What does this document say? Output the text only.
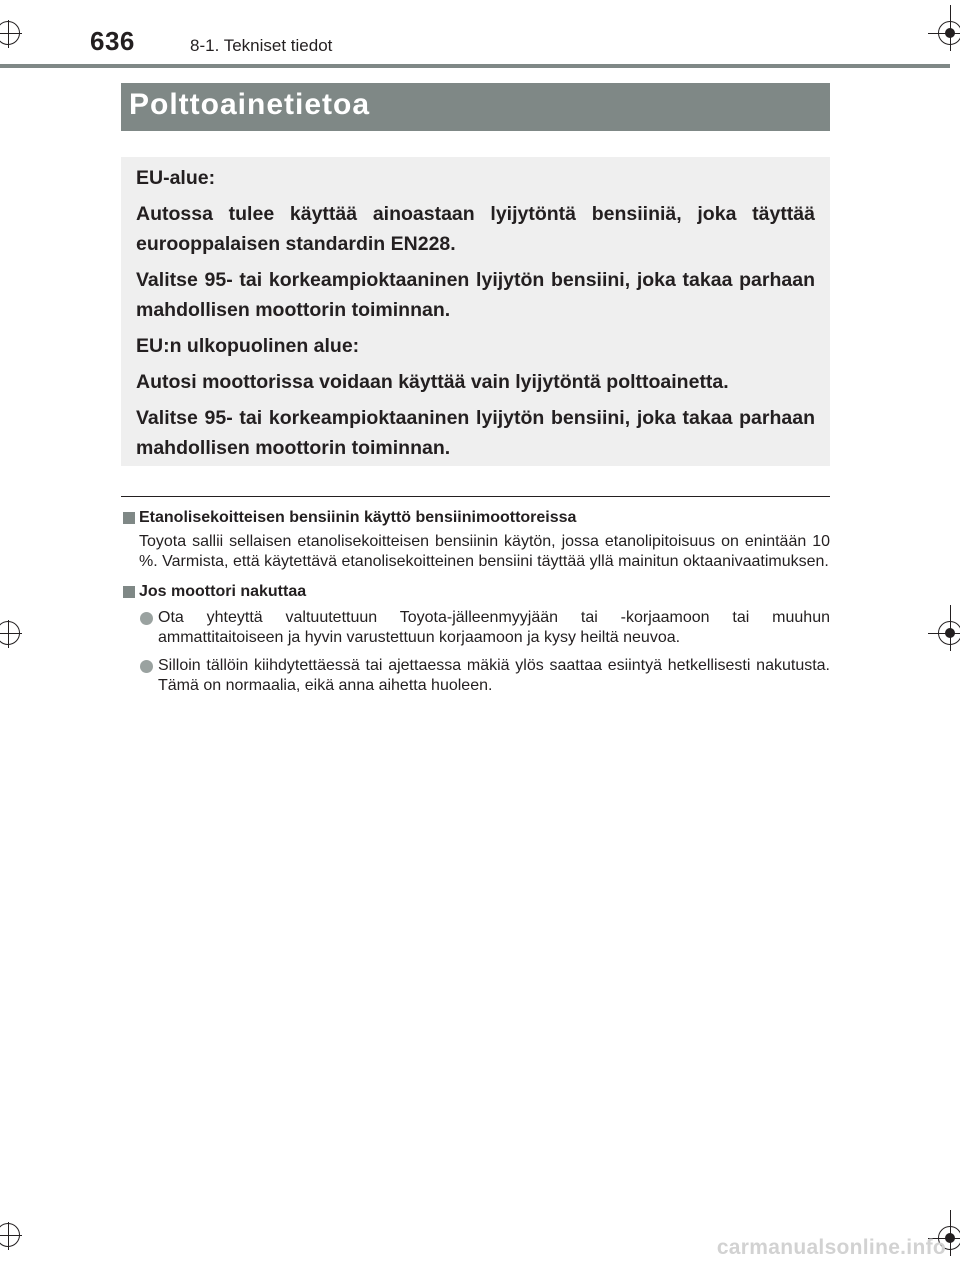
636	8-1. Tekniset tiedot
Polttoainetietoa

EU-alue:

Autossa tulee käyttää ainoastaan lyijytöntä bensiiniä, joka täyttää eurooppalaisen standardin EN228.

Valitse 95- tai korkeampioktaaninen lyijytön bensiini, joka takaa parhaan mahdollisen moottorin toiminnan.

EU:n ulkopuolinen alue:

Autosi moottorissa voidaan käyttää vain lyijytöntä polttoainetta.

Valitse 95- tai korkeampioktaaninen lyijytön bensiini, joka takaa parhaan mahdollisen moottorin toiminnan.

Etanolisekoitteisen bensiinin käyttö bensiinimoottoreissa
Toyota sallii sellaisen etanolisekoitteisen bensiinin käytön, jossa etanolipitoisuus on enintään 10 %. Varmista, että käytettävä etanolisekoitteinen bensiini täyttää yllä mainitun oktaanivaatimuksen.
Jos moottori nakuttaa
Ota yhteyttä valtuutettuun Toyota-jälleenmyyjään tai -korjaamoon tai muuhun ammattitaitoiseen ja hyvin varustettuun korjaamoon ja kysy heiltä neuvoa.
Silloin tällöin kiihdytettäessä tai ajettaessa mäkiä ylös saattaa esiintyä hetkellisesti nakutusta. Tämä on normaalia, eikä anna aihetta huoleen.
carmanualsonline.info
